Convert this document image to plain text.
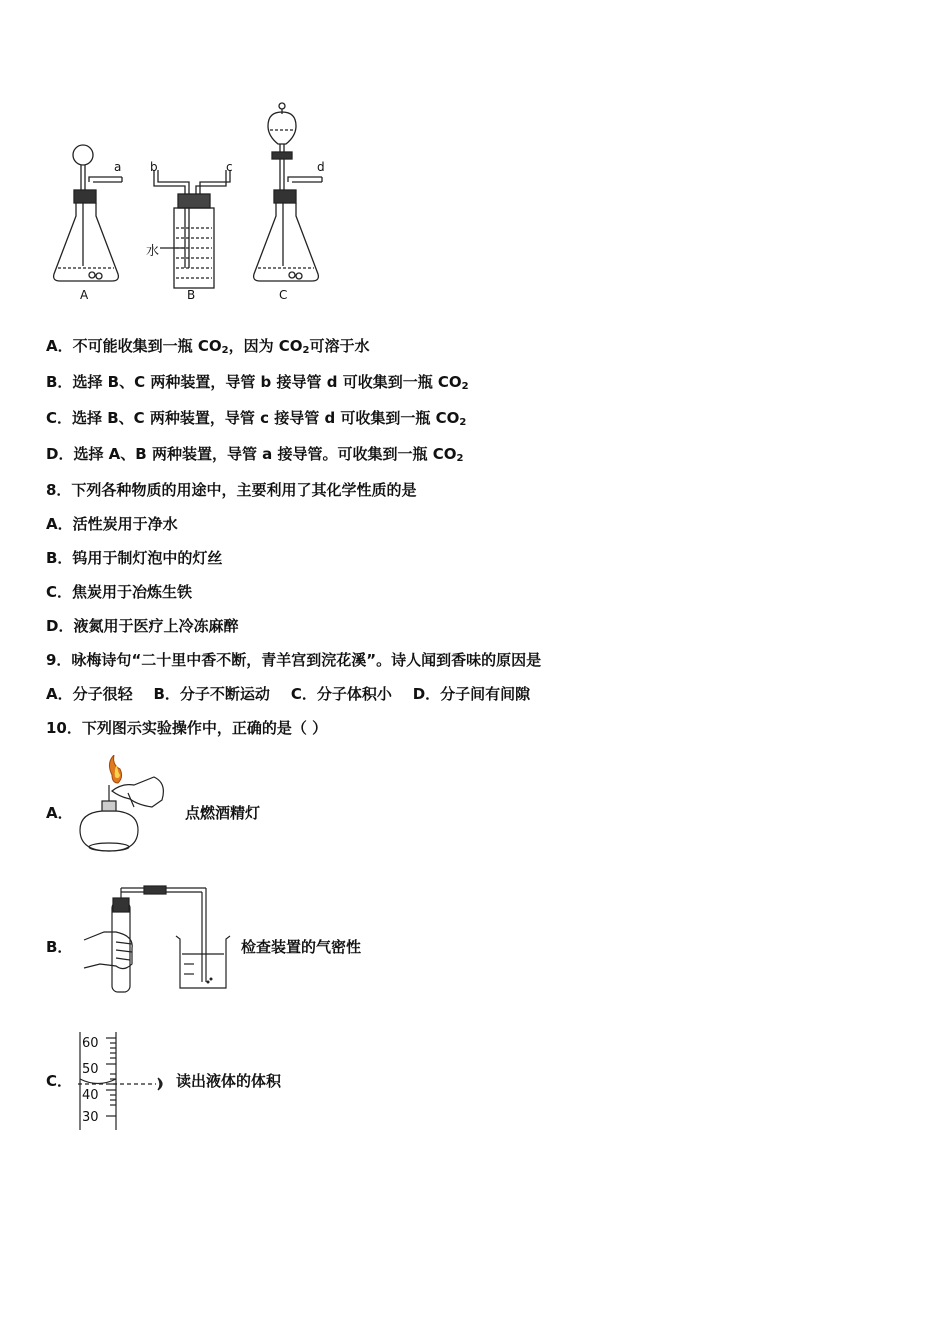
a b	c	d
水
A	B	C
A．不可能收集到一瓶 $CO_2$，因为 $CO_2$可溶于水
B．选择 B、C 两种装置，导管 b 接导管 d 可收集到一瓶 $CO_2$
C．选择 B、C 两种装置，导管 c 接导管 d 可收集到一瓶 $CO_2$
D．选择 A、B 两种装置，导管 a 接导管。可收集到一瓶 $CO_2$
8．下列各种物质的用途中，主要利用了其化学性质的是
A．活性炭用于净水
B．钨用于制灯泡中的灯丝
C．焦炭用于冶炼生铁
D．液氮用于医疗上冷冻麻醉
9．咏梅诗句“二十里中香不断，青羊宫到浣花溪”。诗人闻到香味的原因是
A．分子很轻    B．分子不断运动    C．分子体积小    D．分子间有间隙
10．下列图示实验操作中，正确的是（ ）
A．	点燃酒精灯
B．	检查装置的气密性
C．
60
50
40
30
读出液体的体积
